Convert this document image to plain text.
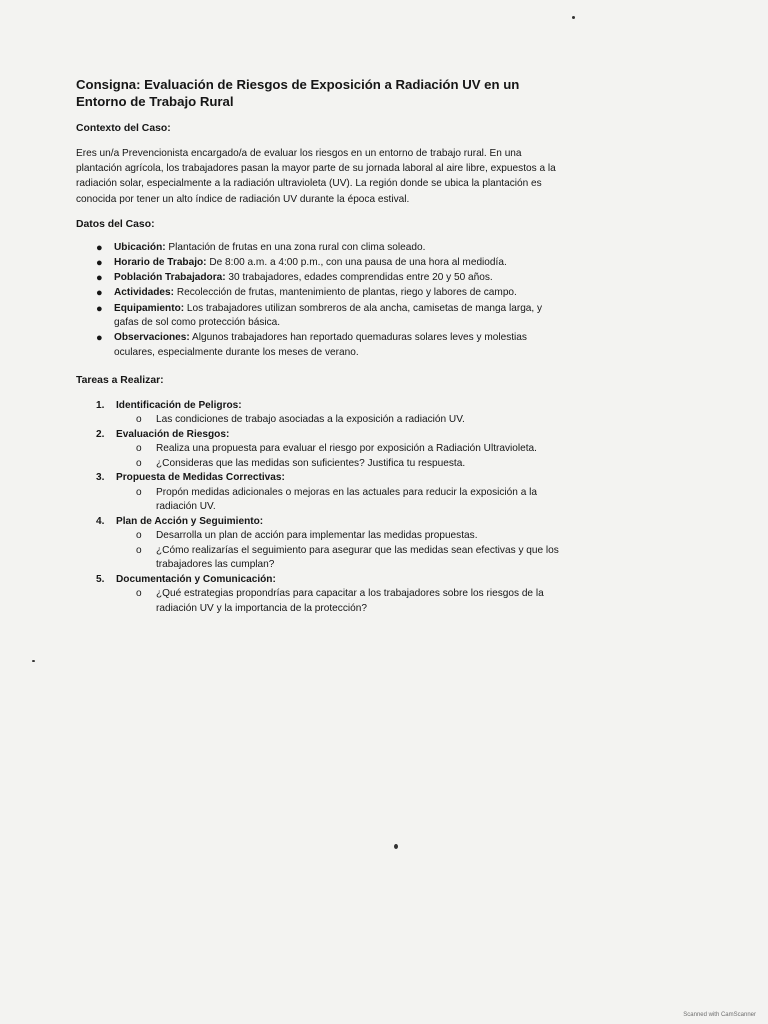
Consigna: Evaluación de Riesgos de Exposición a Radiación UV en un Entorno de Trabajo Rural

Contexto del Caso:

Eres un/a Prevencionista encargado/a de evaluar los riesgos en un entorno de trabajo rural. En una plantación agrícola, los trabajadores pasan la mayor parte de su jornada laboral al aire libre, expuestos a la radiación solar, especialmente a la radiación ultravioleta (UV). La región donde se ubica la plantación es conocida por tener un alto índice de radiación UV durante la época estival.

Datos del Caso:

● Ubicación: Plantación de frutas en una zona rural con clima soleado.
● Horario de Trabajo: De 8:00 a.m. a 4:00 p.m., con una pausa de una hora al mediodía.
● Población Trabajadora: 30 trabajadores, edades comprendidas entre 20 y 50 años.
● Actividades: Recolección de frutas, mantenimiento de plantas, riego y labores de campo.
● Equipamiento: Los trabajadores utilizan sombreros de ala ancha, camisetas de manga larga, y gafas de sol como protección básica.
● Observaciones: Algunos trabajadores han reportado quemaduras solares leves y molestias oculares, especialmente durante los meses de verano.

Tareas a Realizar:

1. Identificación de Peligros:
o Las condiciones de trabajo asociadas a la exposición a radiación UV.
2. Evaluación de Riesgos:
o Realiza una propuesta para evaluar el riesgo por exposición a Radiación Ultravioleta.
o ¿Consideras que las medidas son suficientes? Justifica tu respuesta.
3. Propuesta de Medidas Correctivas:
o Propón medidas adicionales o mejoras en las actuales para reducir la exposición a la radiación UV.
4. Plan de Acción y Seguimiento:
o Desarrolla un plan de acción para implementar las medidas propuestas.
o ¿Cómo realizarías el seguimiento para asegurar que las medidas sean efectivas y que los trabajadores las cumplan?
5. Documentación y Comunicación:
o ¿Qué estrategias propondrías para capacitar a los trabajadores sobre los riesgos de la radiación UV y la importancia de la protección?
Scanned with CamScanner
